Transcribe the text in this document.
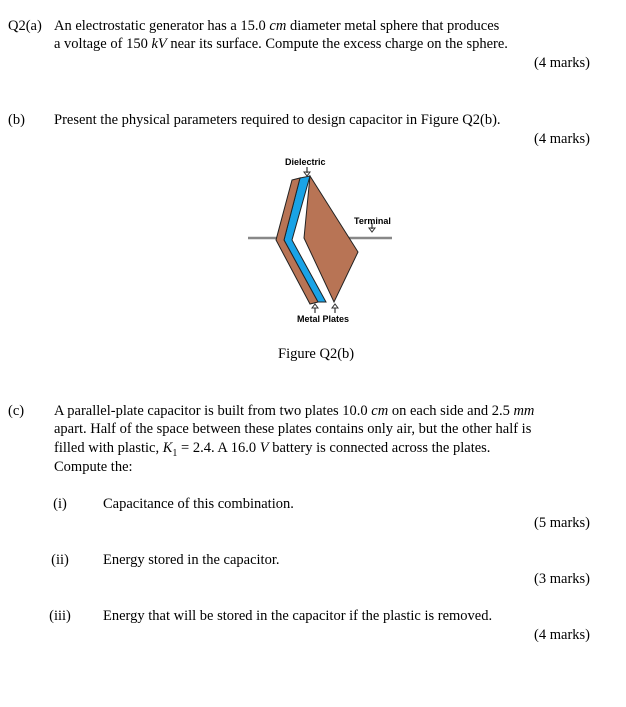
Q2(a) An electrostatic generator has a 15.0 cm diameter metal sphere that produces
a voltage of 150 kV near its surface. Compute the excess charge on the sphere.
(4 marks)
(b) Present the physical parameters required to design capacitor in Figure Q2(b).
(4 marks)
Dielectric
Terminal
Metal Plates
Figure Q2(b)
(c) A parallel-plate capacitor is built from two plates 10.0 cm on each side and 2.5 mm
apart. Half of the space between these plates contains only air, but the other half is
filled with plastic, $K_1 = 2.4$. A 16.0 V battery is connected across the plates.
Compute the:
(i)	Capacitance of this combination.
(5 marks)
(ii)	Energy stored in the capacitor.
(3 marks)
(iii)	Energy that will be stored in the capacitor if the plastic is removed.
(4 marks)
